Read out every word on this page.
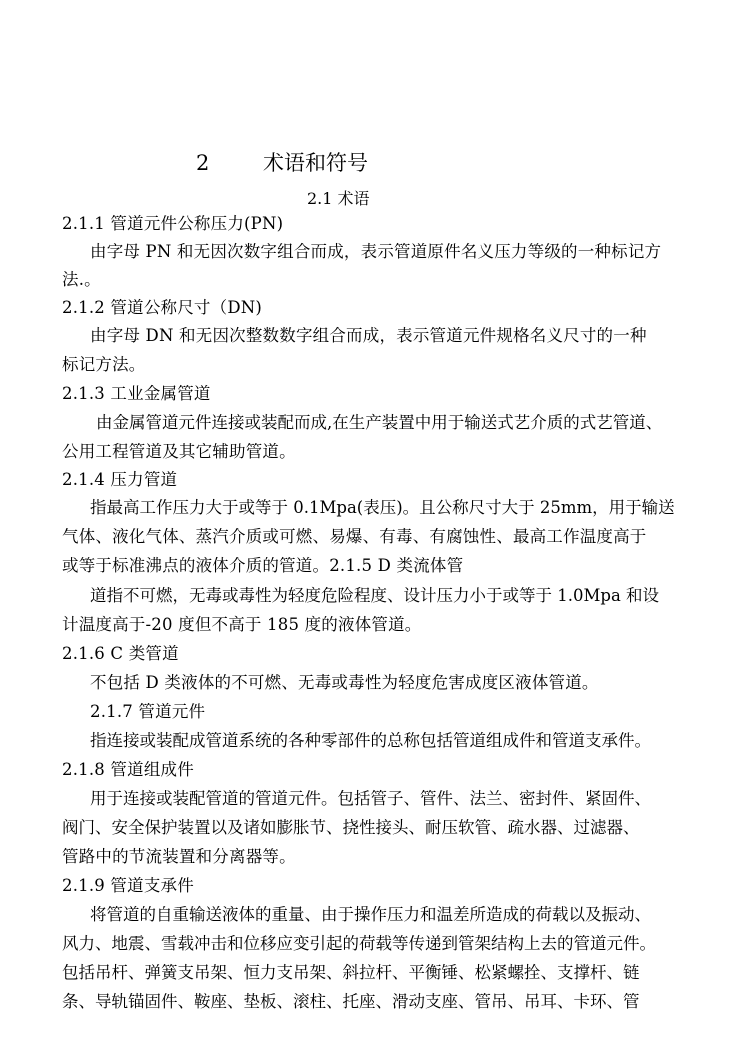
2	术语和符号
2.1 术语
2.1.1 管道元件公称压力(PN)
由字母 PN 和无因次数字组合而成，表示管道原件名义压力等级的一种标记方
法.。
2.1.2 管道公称尺寸（DN)
由字母 DN 和无因次整数数字组合而成，表示管道元件规格名义尺寸的一种
标记方法。
2.1.3 工业金属管道
由金属管道元件连接或装配而成,在生产装置中用于输送式艺介质的式艺管道、
公用工程管道及其它辅助管道。
2.1.4 压力管道
指最高工作压力大于或等于 0.1Mpa(表压)。且公称尺寸大于 25mm，用于输送
气体、液化气体、蒸汽介质或可燃、易爆、有毒、有腐蚀性、最高工作温度高于
或等于标准沸点的液体介质的管道。2.1.5 D 类流体管
道指不可燃，无毒或毒性为轻度危险程度、设计压力小于或等于 1.0Mpa 和设
计温度高于-20 度但不高于 185 度的液体管道。
2.1.6 C 类管道
不包括 D 类液体的不可燃、无毒或毒性为轻度危害成度区液体管道。
2.1.7 管道元件
指连接或装配成管道系统的各种零部件的总称包括管道组成件和管道支承件。
2.1.8 管道组成件
用于连接或装配管道的管道元件。包括管子、管件、法兰、密封件、紧固件、
阀门、安全保护装置以及诸如膨胀节、挠性接头、耐压软管、疏水器、过滤器、
管路中的节流装置和分离器等。
2.1.9 管道支承件
将管道的自重输送液体的重量、由于操作压力和温差所造成的荷载以及振动、
风力、地震、雪载冲击和位移应变引起的荷载等传递到管架结构上去的管道元件。
包括吊杆、弹簧支吊架、恒力支吊架、斜拉杆、平衡锤、松紧螺拴、支撑杆、链
条、导轨锚固件、鞍座、垫板、滚柱、托座、滑动支座、管吊、吊耳、卡环、管
